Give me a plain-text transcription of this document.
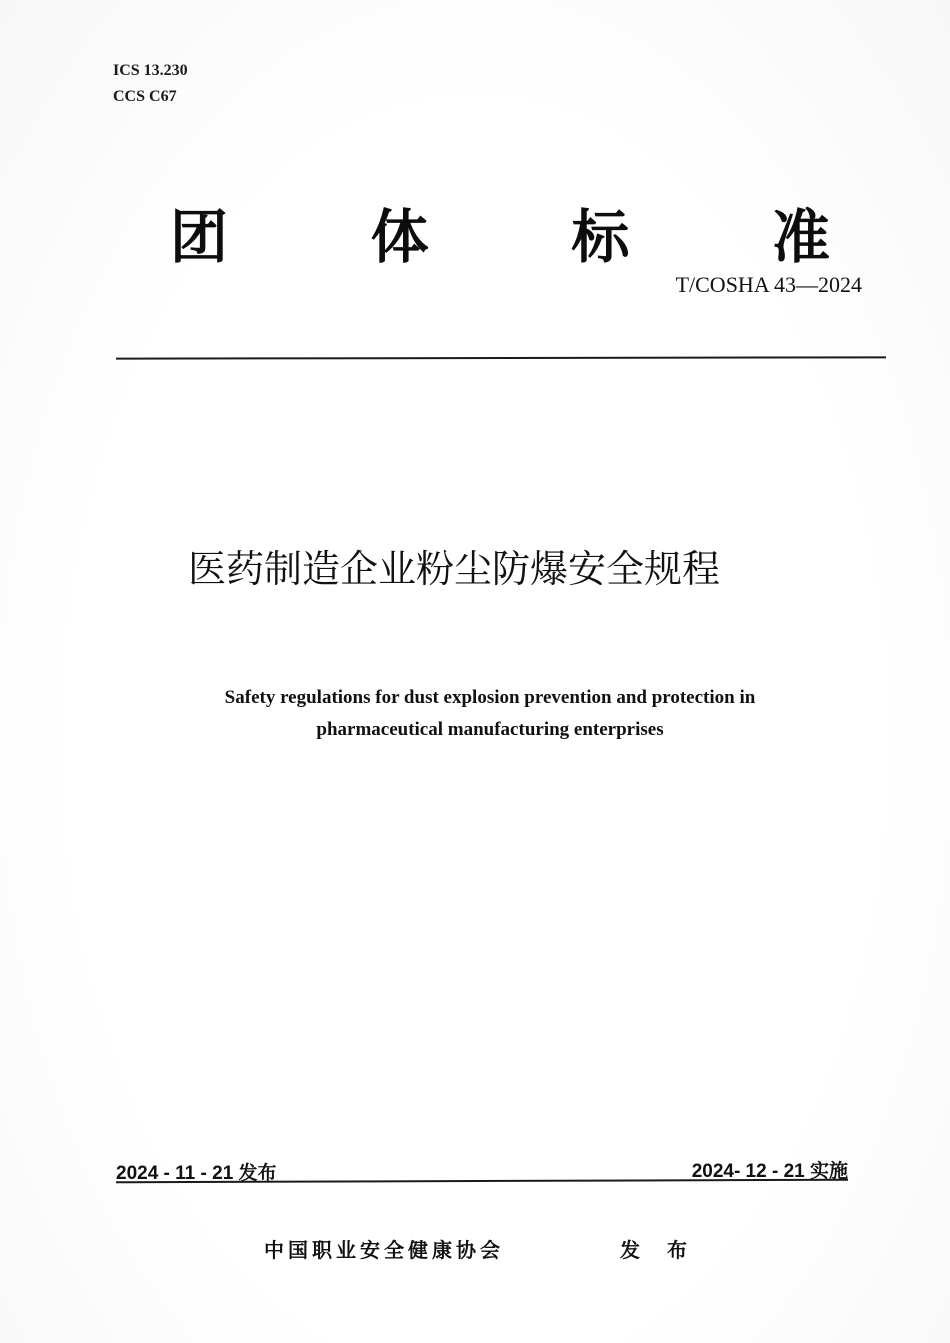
ICS 13.230
CCS C67
团 体 标 准
T/COSHA 43—2024
医药制造企业粉尘防爆安全规程
Safety regulations for dust explosion prevention and protection in
pharmaceutical manufacturing enterprises
2024 - 11 - 21 发布	2024- 12 - 21 实施
中国职业安全健康协会	发 布
